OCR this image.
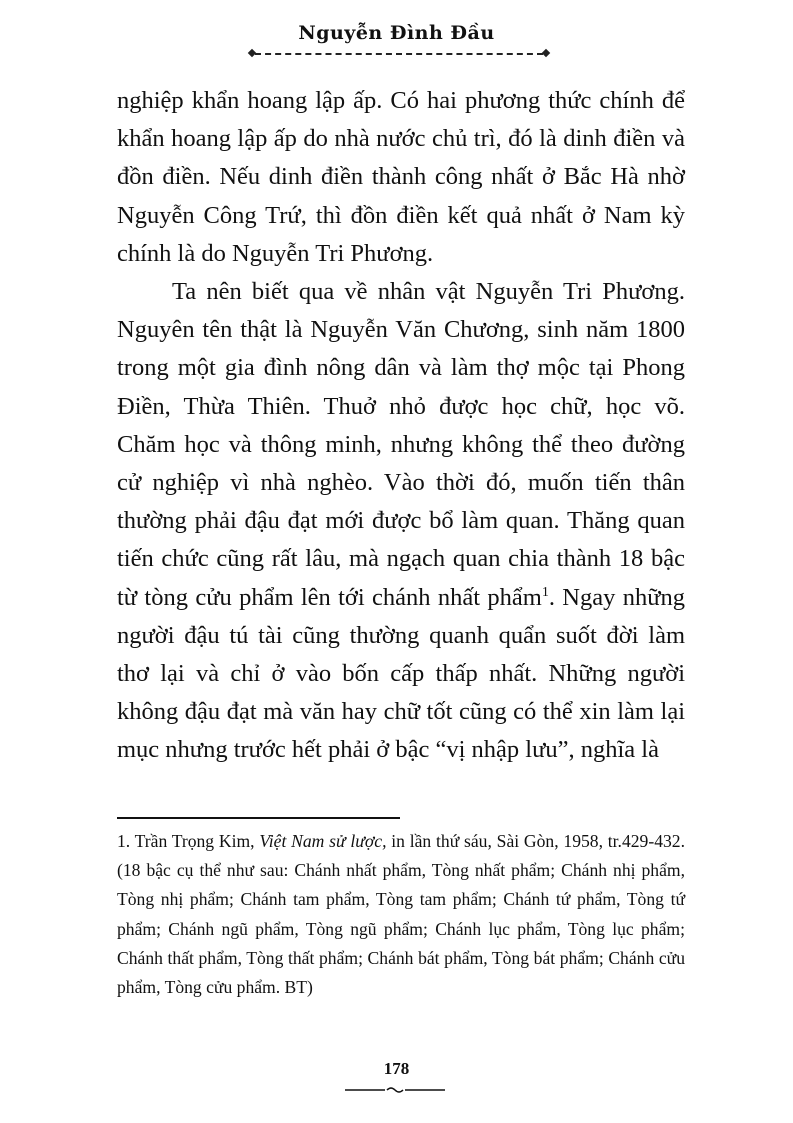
Nguyễn Đình Đầu

nghiệp khẩn hoang lập ấp. Có hai phương thức chính để khẩn hoang lập ấp do nhà nước chủ trì, đó là dinh điền và đồn điền. Nếu dinh điền thành công nhất ở Bắc Hà nhờ Nguyễn Công Trứ, thì đồn điền kết quả nhất ở Nam kỳ chính là do Nguyễn Tri Phương.

Ta nên biết qua về nhân vật Nguyễn Tri Phương. Nguyên tên thật là Nguyễn Văn Chương, sinh năm 1800 trong một gia đình nông dân và làm thợ mộc tại Phong Điền, Thừa Thiên. Thuở nhỏ được học chữ, học võ. Chăm học và thông minh, nhưng không thể theo đường cử nghiệp vì nhà nghèo. Vào thời đó, muốn tiến thân thường phải đậu đạt mới được bổ làm quan. Thăng quan tiến chức cũng rất lâu, mà ngạch quan chia thành 18 bậc từ tòng cửu phẩm lên tới chánh nhất phẩm$^1$. Ngay những người đậu tú tài cũng thường quanh quẩn suốt đời làm thơ lại và chỉ ở vào bốn cấp thấp nhất. Những người không đậu đạt mà văn hay chữ tốt cũng có thể xin làm lại mục nhưng trước hết phải ở bậc “vị nhập lưu”, nghĩa là

1. Trần Trọng Kim, Việt Nam sử lược, in lần thứ sáu, Sài Gòn, 1958, tr.429-432. (18 bậc cụ thể như sau: Chánh nhất phẩm, Tòng nhất phẩm; Chánh nhị phẩm, Tòng nhị phẩm; Chánh tam phẩm, Tòng tam phẩm; Chánh tứ phẩm, Tòng tứ phẩm; Chánh ngũ phẩm, Tòng ngũ phẩm; Chánh lục phẩm, Tòng lục phẩm; Chánh thất phẩm, Tòng thất phẩm; Chánh bát phẩm, Tòng bát phẩm; Chánh cửu phẩm, Tòng cửu phẩm. BT)

178
